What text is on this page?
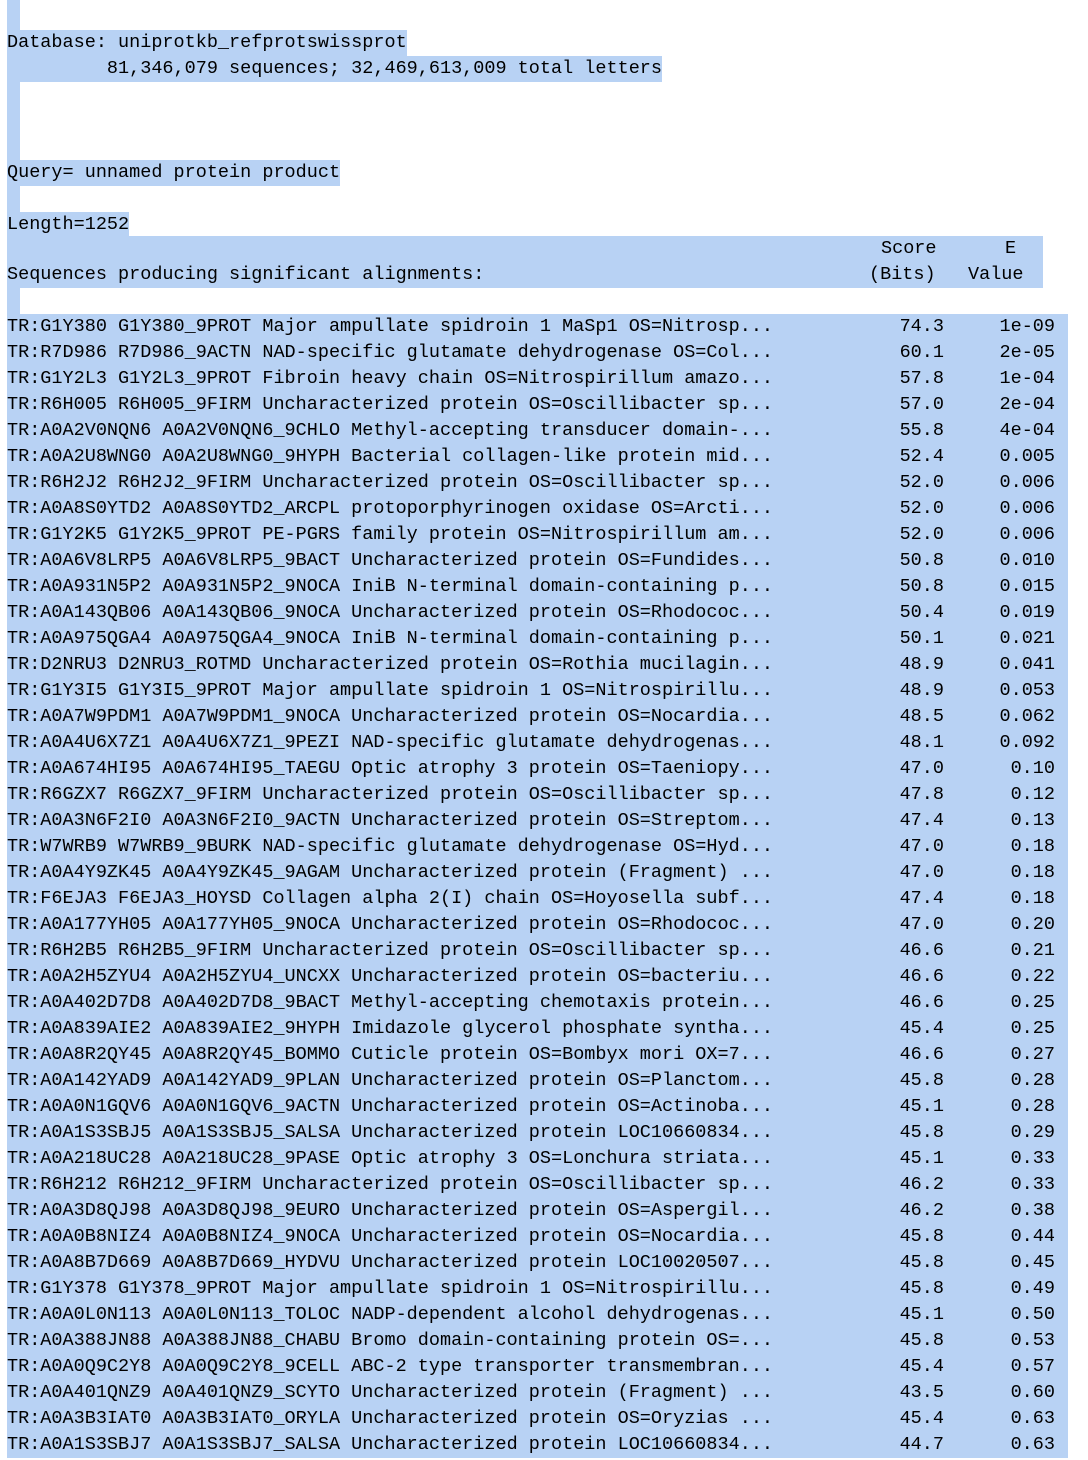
Database: uniprotkb_refprotswissprot
81,346,079 sequences; 32,469,613,009 total letters
Query= unnamed protein product
Length=1252
Score	E
Sequences producing significant alignments:	(Bits) Value
TR:G1Y380 G1Y380_9PROT Major ampullate spidroin 1 MaSp1 OS=Nitrosp...	74.3	1e-09
TR:R7D986 R7D986_9ACTN NAD-specific glutamate dehydrogenase OS=Col...	60.1	2e-05
TR:G1Y2L3 G1Y2L3_9PROT Fibroin heavy chain OS=Nitrospirillum amazo...	57.8	1e-04
TR:R6H005 R6H005_9FIRM Uncharacterized protein OS=Oscillibacter sp...	57.0	2e-04
TR:A0A2V0NQN6 A0A2V0NQN6_9CHLO Methyl-accepting transducer domain-...	55.8	4e-04
TR:A0A2U8WNG0 A0A2U8WNG0_9HYPH Bacterial collagen-like protein mid...	52.4	0.005
TR:R6H2J2 R6H2J2_9FIRM Uncharacterized protein OS=Oscillibacter sp...	52.0	0.006
TR:A0A8S0YTD2 A0A8S0YTD2_ARCPL protoporphyrinogen oxidase OS=Arcti...	52.0	0.006
TR:G1Y2K5 G1Y2K5_9PROT PE-PGRS family protein OS=Nitrospirillum am...	52.0	0.006
TR:A0A6V8LRP5 A0A6V8LRP5_9BACT Uncharacterized protein OS=Fundides...	50.8	0.010
TR:A0A931N5P2 A0A931N5P2_9NOCA IniB N-terminal domain-containing p...	50.8	0.015
TR:A0A143QB06 A0A143QB06_9NOCA Uncharacterized protein OS=Rhodococ...	50.4	0.019
TR:A0A975QGA4 A0A975QGA4_9NOCA IniB N-terminal domain-containing p...	50.1	0.021
TR:D2NRU3 D2NRU3_ROTMD Uncharacterized protein OS=Rothia mucilagin...	48.9	0.041
TR:G1Y3I5 G1Y3I5_9PROT Major ampullate spidroin 1 OS=Nitrospirillu...	48.9	0.053
TR:A0A7W9PDM1 A0A7W9PDM1_9NOCA Uncharacterized protein OS=Nocardia...	48.5	0.062
TR:A0A4U6X7Z1 A0A4U6X7Z1_9PEZI NAD-specific glutamate dehydrogenas...	48.1	0.092
TR:A0A674HI95 A0A674HI95_TAEGU Optic atrophy 3 protein OS=Taeniopy...	47.0	0.10
TR:R6GZX7 R6GZX7_9FIRM Uncharacterized protein OS=Oscillibacter sp...	47.8	0.12
TR:A0A3N6F2I0 A0A3N6F2I0_9ACTN Uncharacterized protein OS=Streptom...	47.4	0.13
TR:W7WRB9 W7WRB9_9BURK NAD-specific glutamate dehydrogenase OS=Hyd...	47.0	0.18
TR:A0A4Y9ZK45 A0A4Y9ZK45_9AGAM Uncharacterized protein (Fragment) ...	47.0	0.18
TR:F6EJA3 F6EJA3_HOYSD Collagen alpha 2(I) chain OS=Hoyosella subf...	47.4	0.18
TR:A0A177YH05 A0A177YH05_9NOCA Uncharacterized protein OS=Rhodococ...	47.0	0.20
TR:R6H2B5 R6H2B5_9FIRM Uncharacterized protein OS=Oscillibacter sp...	46.6	0.21
TR:A0A2H5ZYU4 A0A2H5ZYU4_UNCXX Uncharacterized protein OS=bacteriu...	46.6	0.22
TR:A0A402D7D8 A0A402D7D8_9BACT Methyl-accepting chemotaxis protein...	46.6	0.25
TR:A0A839AIE2 A0A839AIE2_9HYPH Imidazole glycerol phosphate syntha...	45.4	0.25
TR:A0A8R2QY45 A0A8R2QY45_BOMMO Cuticle protein OS=Bombyx mori OX=7...	46.6	0.27
TR:A0A142YAD9 A0A142YAD9_9PLAN Uncharacterized protein OS=Planctom...	45.8	0.28
TR:A0A0N1GQV6 A0A0N1GQV6_9ACTN Uncharacterized protein OS=Actinoba...	45.1	0.28
TR:A0A1S3SBJ5 A0A1S3SBJ5_SALSA Uncharacterized protein LOC10660834...	45.8	0.29
TR:A0A218UC28 A0A218UC28_9PASE Optic atrophy 3 OS=Lonchura striata...	45.1	0.33
TR:R6H212 R6H212_9FIRM Uncharacterized protein OS=Oscillibacter sp...	46.2	0.33
TR:A0A3D8QJ98 A0A3D8QJ98_9EURO Uncharacterized protein OS=Aspergil...	46.2	0.38
TR:A0A0B8NIZ4 A0A0B8NIZ4_9NOCA Uncharacterized protein OS=Nocardia...	45.8	0.44
TR:A0A8B7D669 A0A8B7D669_HYDVU Uncharacterized protein LOC10020507...	45.8	0.45
TR:G1Y378 G1Y378_9PROT Major ampullate spidroin 1 OS=Nitrospirillu...	45.8	0.49
TR:A0A0L0N113 A0A0L0N113_TOLOC NADP-dependent alcohol dehydrogenas...	45.1	0.50
TR:A0A388JN88 A0A388JN88_CHABU Bromo domain-containing protein OS=...	45.8	0.53
TR:A0A0Q9C2Y8 A0A0Q9C2Y8_9CELL ABC-2 type transporter transmembran...	45.4	0.57
TR:A0A401QNZ9 A0A401QNZ9_SCYTO Uncharacterized protein (Fragment) ...	43.5	0.60
TR:A0A3B3IAT0 A0A3B3IAT0_ORYLA Uncharacterized protein OS=Oryzias ...	45.4	0.63
TR:A0A1S3SBJ7 A0A1S3SBJ7_SALSA Uncharacterized protein LOC10660834...	44.7	0.63
